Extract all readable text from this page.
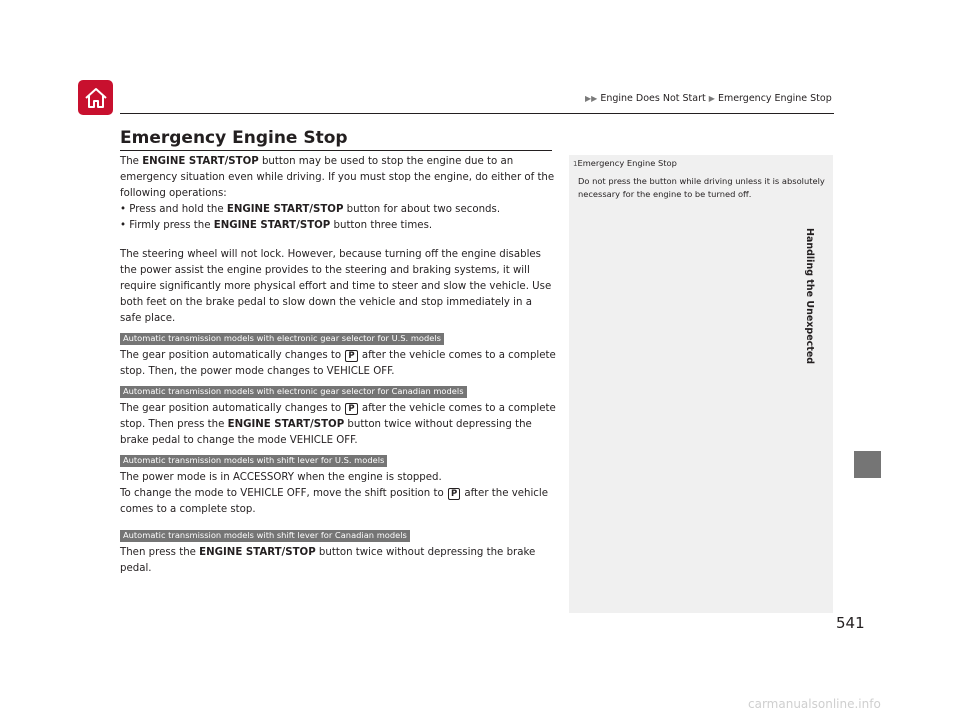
▶▶ Engine Does Not Start ▶ Emergency Engine Stop
Emergency Engine Stop

The ENGINE START/STOP button may be used to stop the engine due to an emergency situation even while driving. If you must stop the engine, do either of the following operations:

• Press and hold the ENGINE START/STOP button for about two seconds.

• Firmly press the ENGINE START/STOP button three times.

The steering wheel will not lock. However, because turning off the engine disables the power assist the engine provides to the steering and braking systems, it will require significantly more physical effort and time to steer and slow the vehicle. Use both feet on the brake pedal to slow down the vehicle and stop immediately in a safe place.

Automatic transmission models with electronic gear selector for U.S. models

The gear position automatically changes to P after the vehicle comes to a complete stop. Then, the power mode changes to VEHICLE OFF.

Automatic transmission models with electronic gear selector for Canadian models

The gear position automatically changes to P after the vehicle comes to a complete stop. Then press the ENGINE START/STOP button twice without depressing the brake pedal to change the mode VEHICLE OFF.

Automatic transmission models with shift lever for U.S. models

The power mode is in ACCESSORY when the engine is stopped.

To change the mode to VEHICLE OFF, move the shift position to P after the vehicle comes to a complete stop.

Automatic transmission models with shift lever for Canadian models

Then press the ENGINE START/STOP button twice without depressing the brake pedal.

1Emergency Engine Stop
Do not press the button while driving unless it is absolutely necessary for the engine to be turned off.
Handling the Unexpected
541
carmanualsonline.info
